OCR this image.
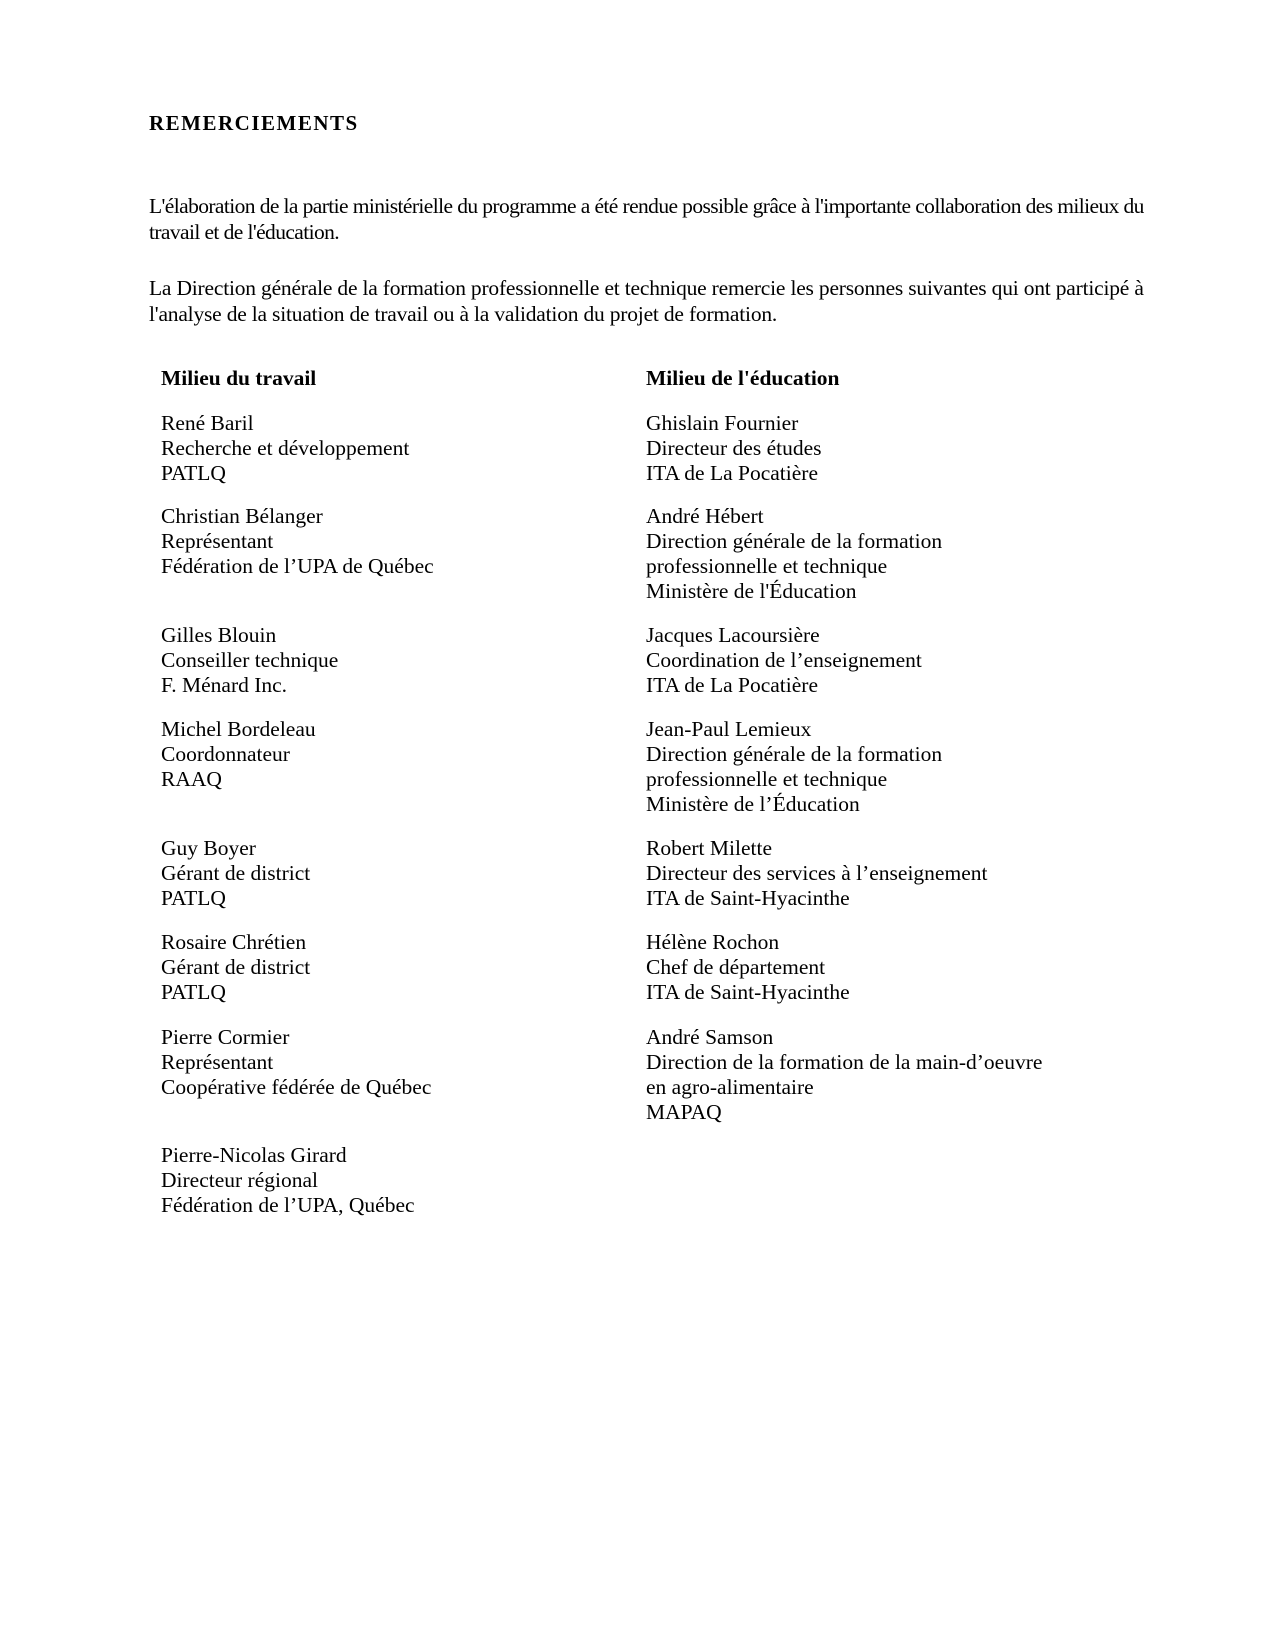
REMERCIEMENTS

L'élaboration de la partie ministérielle du programme a été rendue possible grâce à l'importante collaboration des milieux du travail et de l'éducation.

La Direction générale de la formation professionnelle et technique remercie les personnes suivantes qui ont participé à l'analyse de la situation de travail ou à la validation du projet de formation.

Milieu du travail
René Baril
Recherche et développement
PATLQ
Christian Bélanger
Représentant
Fédération de l’UPA de Québec
Gilles Blouin
Conseiller technique
F. Ménard Inc.
Michel Bordeleau
Coordonnateur
RAAQ
Guy Boyer
Gérant de district
PATLQ
Rosaire Chrétien
Gérant de district
PATLQ
Pierre Cormier
Représentant
Coopérative fédérée de Québec
Pierre-Nicolas Girard
Directeur régional
Fédération de l’UPA, Québec
Milieu de l'éducation
Ghislain Fournier
Directeur des études
ITA de La Pocatière
André Hébert
Direction générale de la formation
professionnelle et technique
Ministère de l'Éducation
Jacques Lacoursière
Coordination de l’enseignement
ITA de La Pocatière
Jean-Paul Lemieux
Direction générale de la formation
professionnelle et technique
Ministère de l’Éducation
Robert Milette
Directeur des services à l’enseignement
ITA de Saint-Hyacinthe
Hélène Rochon
Chef de département
ITA de Saint-Hyacinthe
André Samson
Direction de la formation de la main-d’oeuvre
en agro-alimentaire
MAPAQ
